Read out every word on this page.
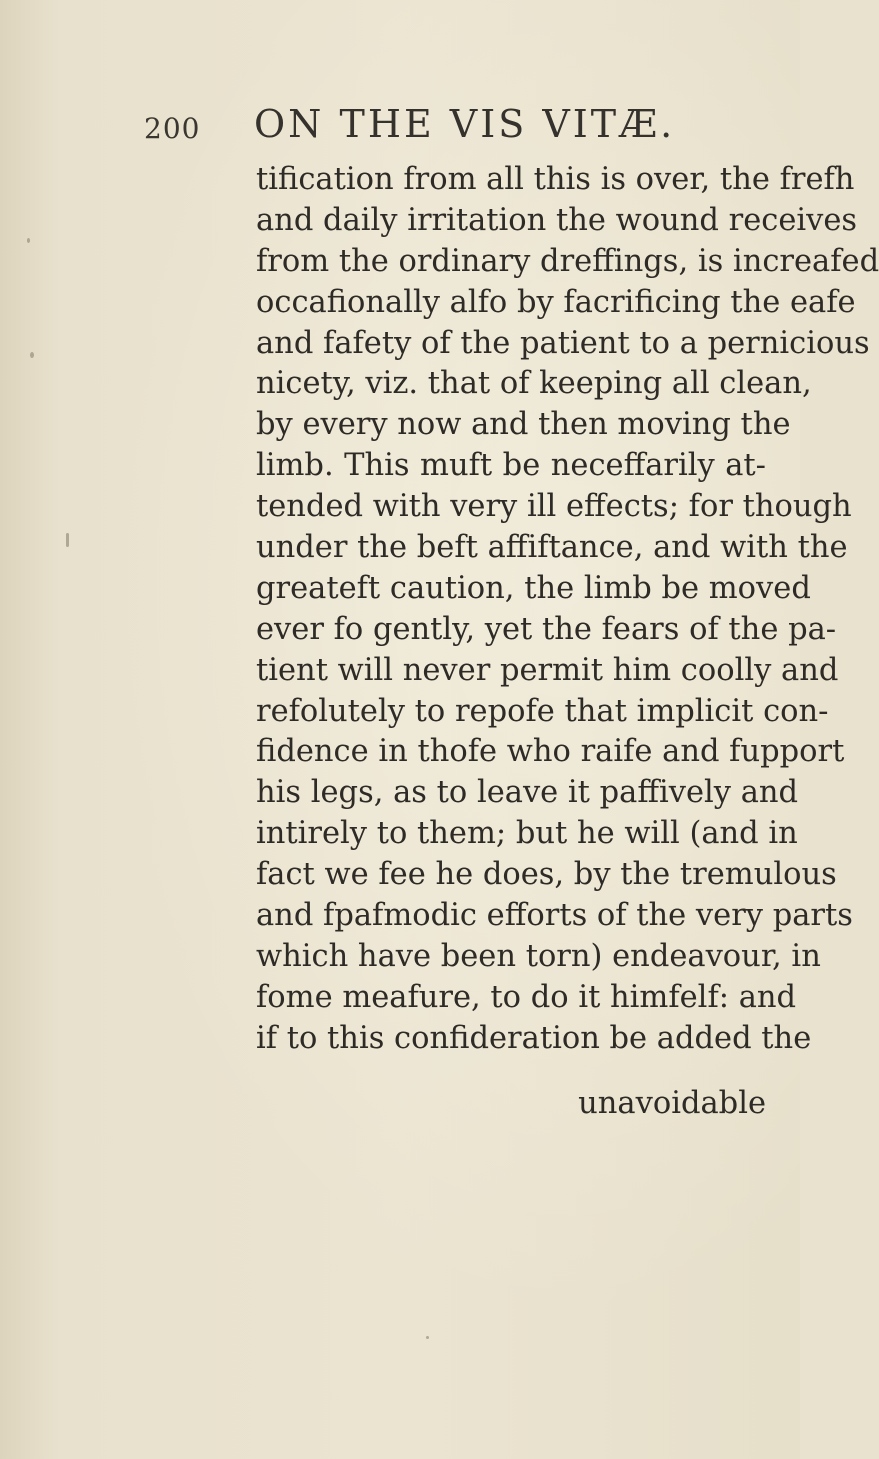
200 ON THE VIS VITÆ.
tification from all this is over, the frefh
and daily irritation the wound receives
from the ordinary dreffings, is increafed
occafionally alfo by facrificing the eafe
and fafety of the patient to a pernicious
nicety, viz. that of keeping all clean,
by every now and then moving the
limb. This muft be neceffarily at-
tended with very ill effects; for though
under the beft affiftance, and with the
greateft caution, the limb be moved
ever fo gently, yet the fears of the pa-
tient will never permit him coolly and
refolutely to repofe that implicit con-
fidence in thofe who raife and fupport
his legs, as to leave it paffively and
intirely to them; but he will (and in
fact we fee he does, by the tremulous
and fpafmodic efforts of the very parts
which have been torn) endeavour, in
fome meafure, to do it himfelf: and
if to this confideration be added the
unavoidable
